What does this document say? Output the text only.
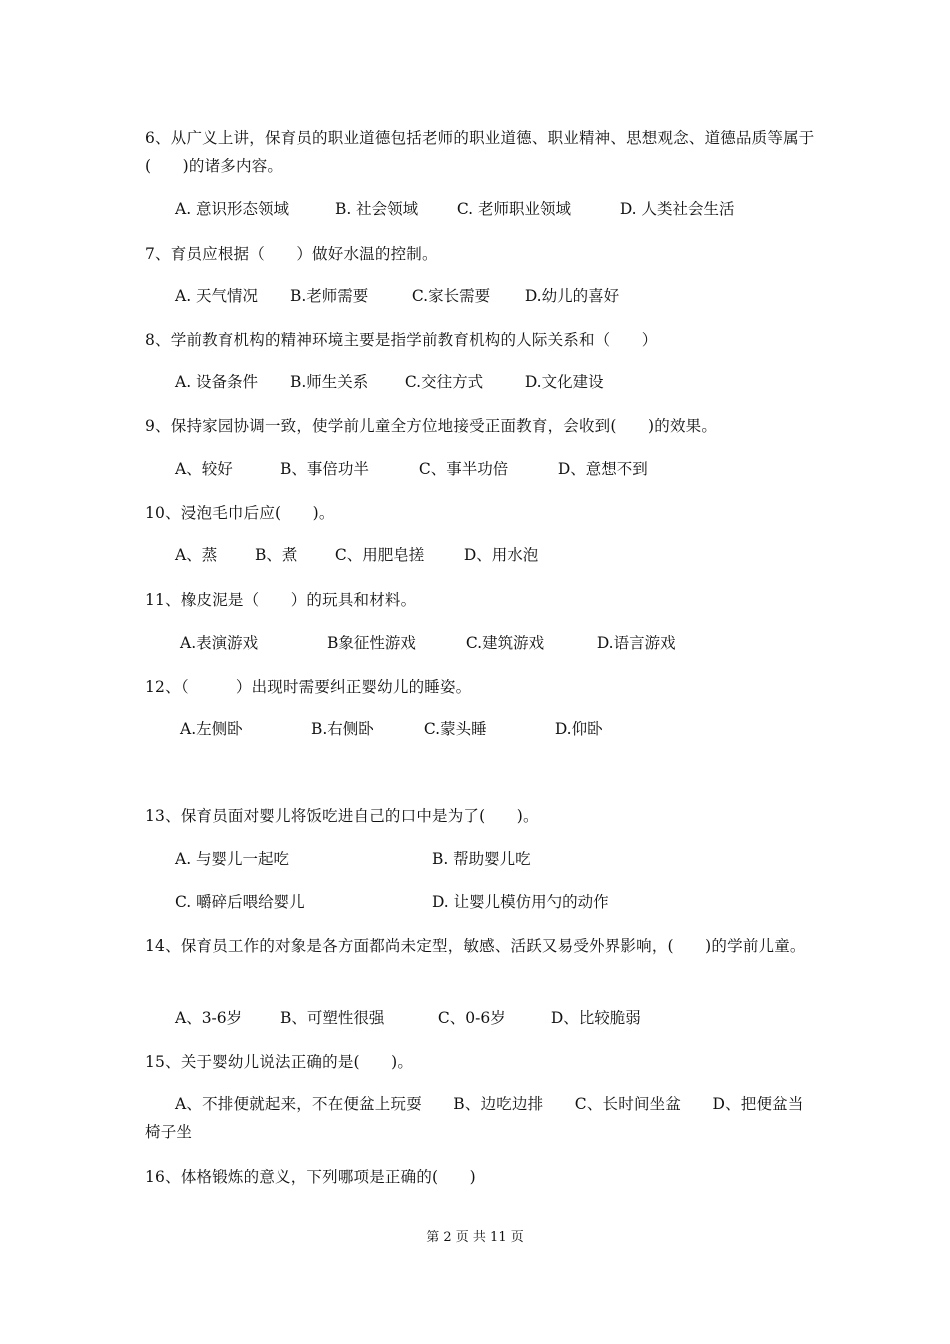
6、从广义上讲，保育员的职业道德包括老师的职业道德、职业精神、思想观念、道德品质等属于(　　)的诸多内容。
A. 意识形态领域	B. 社会领域 C. 老师职业领域	D. 人类社会生活
7、育员应根据（　　）做好水温的控制。
A. 天气情况 B.老师需要	C.家长需要 D.幼儿的喜好
8、学前教育机构的精神环境主要是指学前教育机构的人际关系和（　　）
A. 设备条件 B.师生关系 C.交往方式	D.文化建设
9、保持家园协调一致，使学前儿童全方位地接受正面教育，会收到(　　)的效果。
A、较好	B、事倍功半	C、事半功倍	D、意想不到
10、浸泡毛巾后应(　　)。
A、蒸 B、煮 C、用肥皂搓	D、用水泡
11、橡皮泥是（　　）的玩具和材料。
A.表演游戏	B象征性游戏	C.建筑游戏	D.语言游戏
12、（　　　）出现时需要纠正婴幼儿的睡姿。
A.左侧卧	B.右侧卧	C.蒙头睡	D.仰卧
13、保育员面对婴儿将饭吃进自己的口中是为了(　　)。
A. 与婴儿一起吃	B. 帮助婴儿吃
C. 嚼碎后喂给婴儿	D. 让婴儿模仿用勺的动作
14、保育员工作的对象是各方面都尚未定型，敏感、活跃又易受外界影响，(　　)的学前儿童。
A、3-6岁 B、可塑性很强	C、0-6岁	D、比较脆弱
15、关于婴幼儿说法正确的是(　　)。
A、不排便就起来，不在便盆上玩耍　　B、边吃边排　　C、长时间坐盆　　D、把便盆当椅子坐
16、体格锻炼的意义，下列哪项是正确的(　　)
第 2 页 共 11 页
